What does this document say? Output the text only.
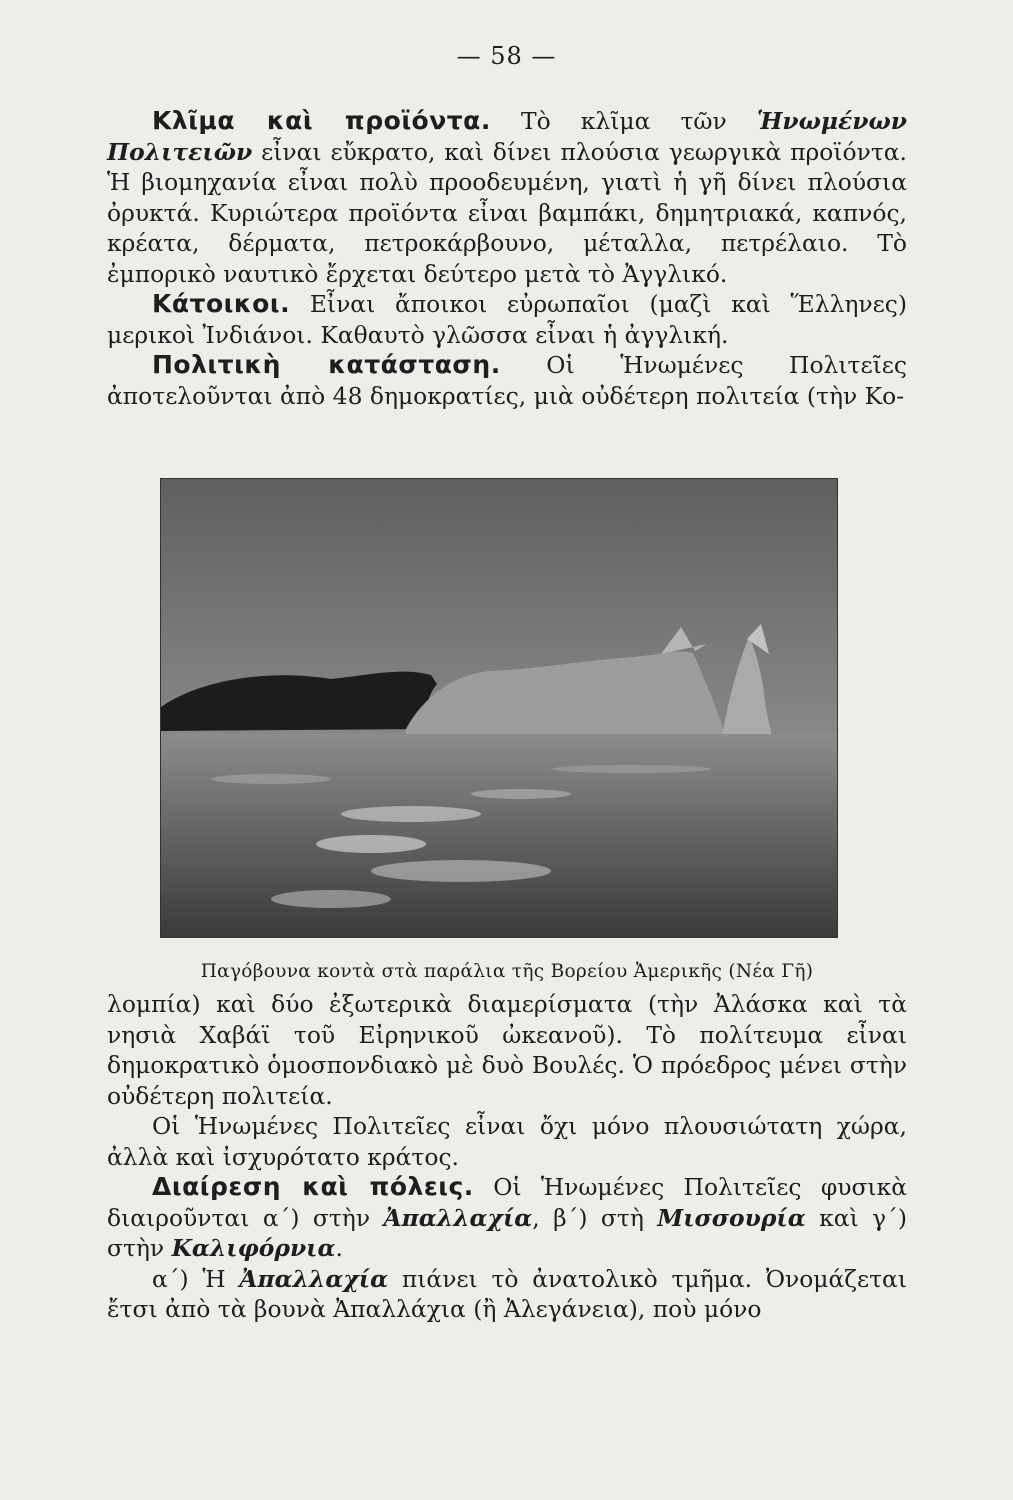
— 58 —

Κλῖμα καὶ προϊόντα. Τὸ κλῖμα τῶν Ἡνωμένων Πολιτειῶν εἶναι εὔκρατο, καὶ δίνει πλούσια γεωργικὰ προϊόντα. Ἡ βιομηχανία εἶναι πολὺ προοδευμένη, γιατὶ ἡ γῆ δίνει πλούσια ὀρυκτά. Κυριώτερα προϊόντα εἶναι βαμπάκι, δημητριακά, καπνός, κρέατα, δέρματα, πετροκάρβουνο, μέταλλα, πετρέλαιο. Τὸ ἐμπορικὸ ναυτικὸ ἔρχεται δεύτερο μετὰ τὸ Ἀγγλικό.

Κάτοικοι. Εἶναι ἄποικοι εὐρωπαῖοι (μαζὶ καὶ Ἕλληνες) μερικοὶ Ἰνδιάνοι. Καθαυτὸ γλῶσσα εἶναι ἡ ἀγγλική.

Πολιτικὴ κατάσταση. Οἱ Ἡνωμένες Πολιτεῖες ἀποτελοῦνται ἀπὸ 48 δημοκρατίες, μιὰ οὐδέτερη πολιτεία (τὴν Κο-

Παγόβουνα κοντὰ στὰ παράλια τῆς Βορείου Ἀμερικῆς (Νέα Γῆ)

λομπία) καὶ δύο ἐξωτερικὰ διαμερίσματα (τὴν Ἀλάσκα καὶ τὰ νησιὰ Χαβάϊ τοῦ Εἰρηνικοῦ ὠκεανοῦ). Τὸ πολίτευμα εἶναι δημοκρατικὸ ὁμοσπονδιακὸ μὲ δυὸ Βουλές. Ὁ πρόεδρος μένει στὴν οὐδέτερη πολιτεία.

Οἱ Ἡνωμένες Πολιτεῖες εἶναι ὄχι μόνο πλουσιώτατη χώρα, ἀλλὰ καὶ ἰσχυρότατο κράτος.

Διαίρεση καὶ πόλεις. Οἱ Ἡνωμένες Πολιτεῖες φυσικὰ διαιροῦνται α΄) στὴν Ἀπαλλαχία, β΄) στὴ Μισσουρία καὶ γ΄) στὴν Καλιφόρνια.

α΄) Ἡ Ἀπαλλαχία πιάνει τὸ ἀνατολικὸ τμῆμα. Ὀνομάζεται ἔτσι ἀπὸ τὰ βουνὰ Ἀπαλλάχια (ἢ Ἀλεγάνεια), ποὺ μόνο
